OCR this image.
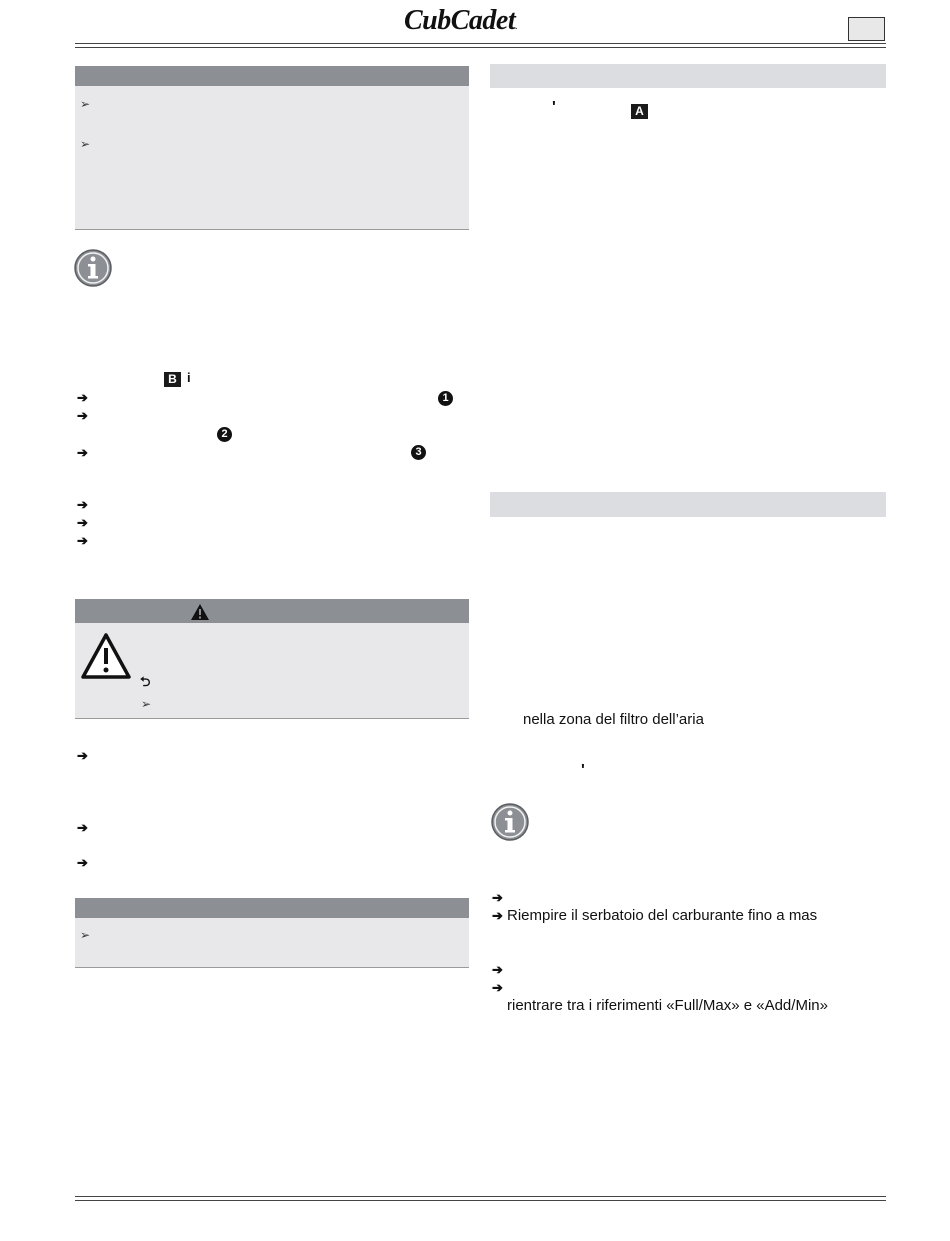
CubCadet.
➢
➢
B i
➔	1
➔
2
➔	3
➔
➔
➔
⮌
➢
➔
➔
➔
➢
'	A
nella zona del filtro dell’aria
'
➔
➔ Riempire il serbatoio del carburante fino a mas
➔
➔
rientrare tra i riferimenti «Full/Max» e «Add/Min»
